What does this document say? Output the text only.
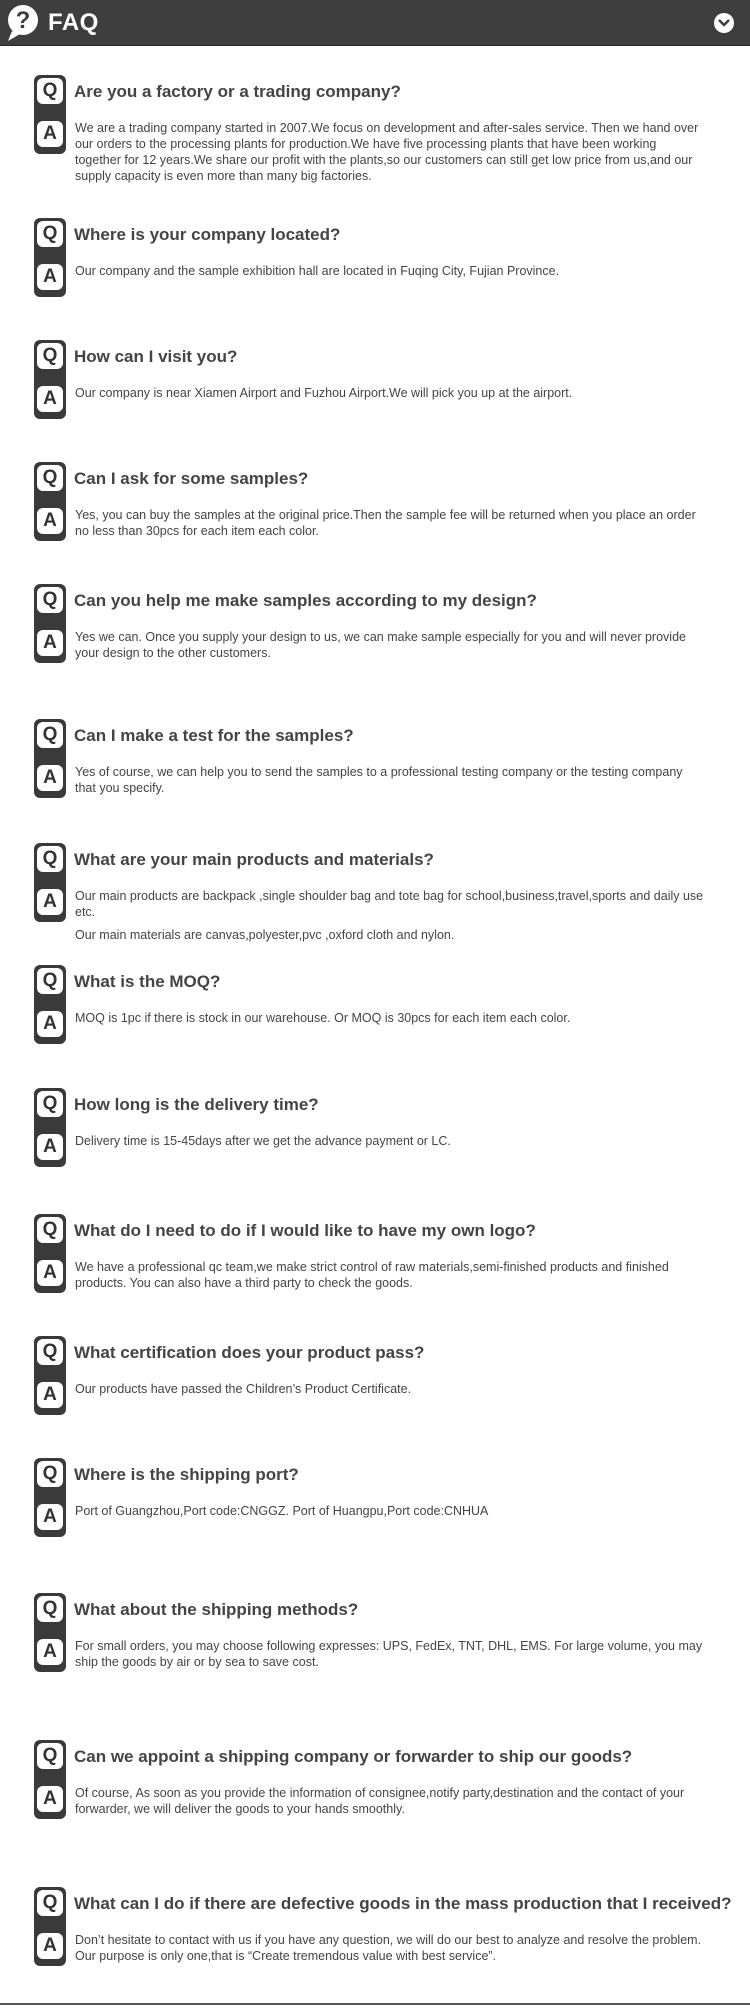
? FAQ
Q
A
Are you a factory or a trading company?

We are a trading company started in 2007.We focus on development and after-sales service. Then we hand over our orders to the processing plants for production.We have five processing plants that have been working together for 12 years.We share our profit with the plants,so our customers can still get low price from us,and our supply capacity is even more than many big factories.

Q
A
Where is your company located?

Our company and the sample exhibition hall are located in Fuqing City, Fujian Province.

Q
A
How can I visit you?

Our company is near Xiamen Airport and Fuzhou Airport.We will pick you up at the airport.

Q
A
Can I ask for some samples?

Yes, you can buy the samples at the original price.Then the sample fee will be returned when you place an order no less than 30pcs for each item each color.

Q
A
Can you help me make samples according to my design?

Yes we can. Once you supply your design to us, we can make sample especially for you and will never provide your design to the other customers.

Q
A
Can I make a test for the samples?

Yes of course, we can help you to send the samples to a professional testing company or the testing company that you specify.

Q
A
What are your main products and materials?

Our main products are backpack ,single shoulder bag and tote bag for school,business,travel,sports and daily use etc.

Our main materials are canvas,polyester,pvc ,oxford cloth and nylon.

Q
A
What is the MOQ?

MOQ is 1pc if there is stock in our warehouse. Or MOQ is 30pcs for each item each color.

Q
A
How long is the delivery time?

Delivery time is 15-45days after we get the advance payment or LC.

Q
A
What do I need to do if I would like to have my own logo?

We have a professional qc team,we make strict control of raw materials,semi-finished products and finished products. You can also have a third party to check the goods.

Q
A
What certification does your product pass?

Our products have passed the Children’s Product Certificate.

Q
A
Where is the shipping port?

Port of Guangzhou,Port code:CNGGZ. Port of Huangpu,Port code:CNHUA

Q
A
What about the shipping methods?

For small orders, you may choose following expresses: UPS, FedEx, TNT, DHL, EMS. For large volume, you may ship the goods by air or by sea to save cost.

Q
A
Can we appoint a shipping company or forwarder to ship our goods?

Of course, As soon as you provide the information of consignee,notify party,destination and the contact of your forwarder, we will deliver the goods to your hands smoothly.

Q
A
What can I do if there are defective goods in the mass production that I received?

Don’t hesitate to contact with us if you have any question, we will do our best to analyze and resolve the problem. Our purpose is only one,that is “Create tremendous value with best service”.
